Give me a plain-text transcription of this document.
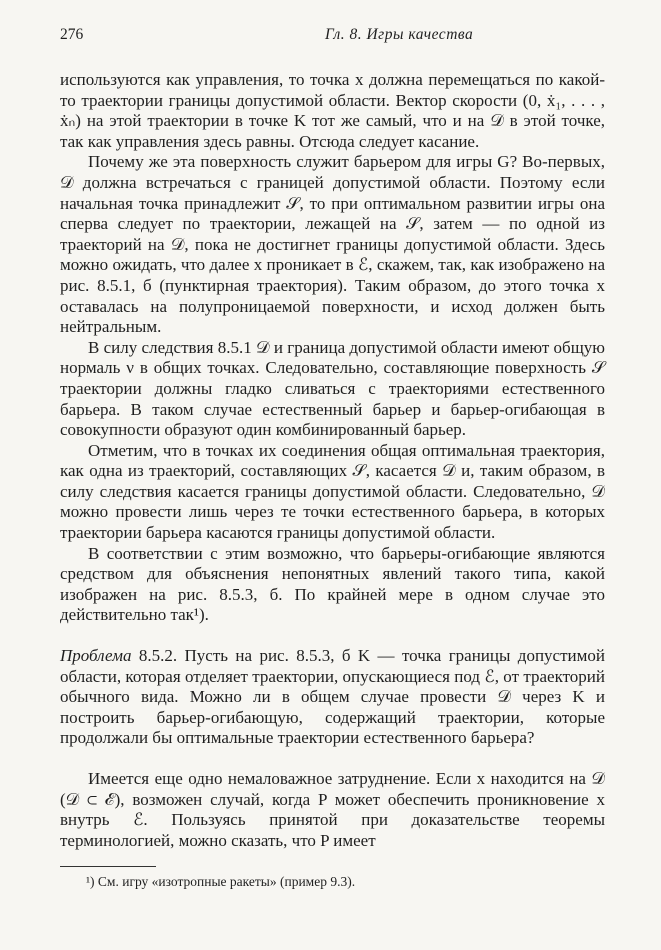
276	Гл. 8. Игры качества

используются как управления, то точка x должна перемещаться по какой-то траектории границы допустимой области. Вектор скорости (0, ẋ₁, . . . , ẋₙ) на этой траектории в точке K тот же самый, что и на 𝒟 в этой точке, так как управления здесь равны. Отсюда следует касание.

Почему же эта поверхность служит барьером для игры G? Во-первых, 𝒟 должна встречаться с границей допустимой области. Поэтому если начальная точка принадлежит 𝒮, то при оптимальном развитии игры она сперва следует по траектории, лежащей на 𝒮, затем — по одной из траекторий на 𝒟, пока не достигнет границы допустимой области. Здесь можно ожидать, что далее x проникает в ℰ, скажем, так, как изображено на рис. 8.5.1, б (пунктирная траектория). Таким образом, до этого точка x оставалась на полупроницаемой поверхности, и исход должен быть нейтральным.

В силу следствия 8.5.1 𝒟 и граница допустимой области имеют общую нормаль ν в общих точках. Следовательно, составляющие поверхность 𝒮 траектории должны гладко сливаться с траекториями естественного барьера. В таком случае естественный барьер и барьер-огибающая в совокупности образуют один комбинированный барьер.

Отметим, что в точках их соединения общая оптимальная траектория, как одна из траекторий, составляющих 𝒮, касается 𝒟 и, таким образом, в силу следствия касается границы допустимой области. Следовательно, 𝒟 можно провести лишь через те точки естественного барьера, в которых траектории барьера касаются границы допустимой области.

В соответствии с этим возможно, что барьеры-огибающие являются средством для объяснения непонятных явлений такого типа, какой изображен на рис. 8.5.3, б. По крайней мере в одном случае это действительно так¹).

Проблема 8.5.2. Пусть на рис. 8.5.3, б K — точка границы допустимой области, которая отделяет траектории, опускающиеся под ℰ, от траекторий обычного вида. Можно ли в общем случае провести 𝒟 через K и построить барьер-огибающую, содержащий траектории, которые продолжали бы оптимальные траектории естественного барьера?

Имеется еще одно немаловажное затруднение. Если x находится на 𝒟 (𝒟 ⊂ ℰ), возможен случай, когда P может обеспечить проникновение x внутрь ℰ. Пользуясь принятой при доказательстве теоремы терминологией, можно сказать, что P имеет

¹) См. игру «изотропные ракеты» (пример 9.3).
